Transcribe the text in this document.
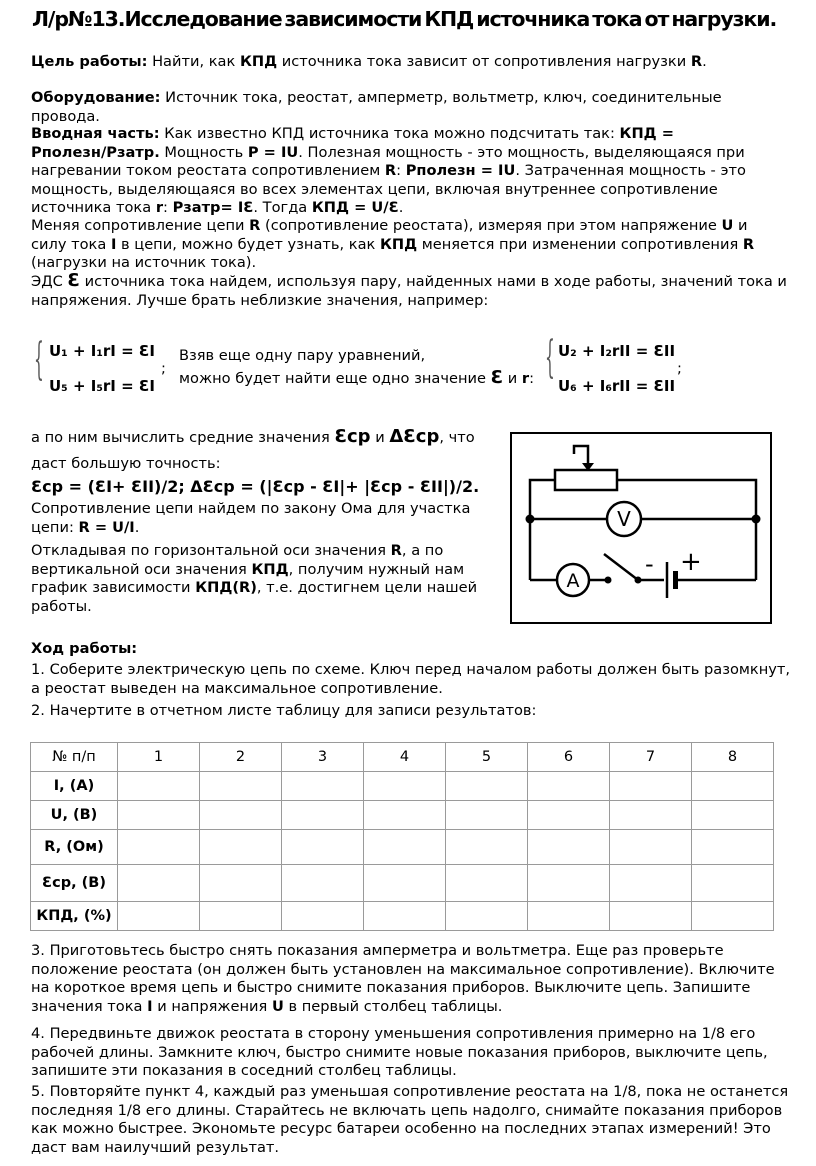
Л/р№13.Исследование зависимости КПД источника тока от нагрузки.
Цель работы: Найти, как КПД источника тока зависит от сопротивления нагрузки R.
Оборудование: Источник тока, реостат, амперметр, вольтметр, ключ, соединительные провода.
Вводная часть: Как известно КПД источника тока можно подсчитать так: КПД = Pполезн/Pзатр. Мощность P = IU. Полезная мощность - это мощность, выделяющаяся при нагревании током реостата сопротивлением R: Pполезн = IU. Затраченная мощность - это мощность, выделяющаяся во всех элементах цепи, включая внутреннее сопротивление источника тока r: Pзатр= IƐ. Тогда КПД = U/Ɛ.
Меняя сопротивление цепи R (сопротивление реостата), измеряя при этом напряжение U и силу тока I в цепи, можно будет узнать, как КПД меняется при изменении сопротивления R (нагрузки на источник тока).
ЭДС Ɛ источника тока найдем, используя пару, найденных нами в ходе работы, значений тока и напряжения. Лучше брать неблизкие значения, например:
{ U₁ + I₁rI = ƐI
U₅ + I₅rI = ƐI
;
Взяв еще одну пару уравнений,
можно будет найти еще одно значение Ɛ и r: { U₂ + I₂rII = ƐII
U₆ + I₆rII = ƐII
;
а по ним вычислить средние значения Ɛср и ΔƐср, что даст большую точность:
Ɛср = (ƐI+ ƐII)/2; ΔƐср = (|Ɛср - ƐI|+ |Ɛср - ƐII|)/2.
Сопротивление цепи найдем по закону Ома для участка цепи: R = U/I.
Откладывая по горизонтальной оси значения R, а по вертикальной оси значения КПД, получим нужный нам график зависимости КПД(R), т.е. достигнем цели нашей работы.
V
A
- +
Ход работы:
1. Соберите электрическую цепь по схеме. Ключ перед началом работы должен быть разомкнут, а реостат выведен на максимальное сопротивление.
2. Начертите в отчетном листе таблицу для записи результатов:
№ п/п	1	2	3	4	5	6	7	8
I, (A)								
U, (B)								
R, (Ом)								
Ɛср, (В)								
КПД, (%)								
3. Приготовьтесь быстро снять показания амперметра и вольтметра. Еще раз проверьте положение реостата (он должен быть установлен на максимальное сопротивление). Включите на короткое время цепь и быстро снимите показания приборов. Выключите цепь. Запишите значения тока I и напряжения U в первый столбец таблицы.
4. Передвиньте движок реостата в сторону уменьшения сопротивления примерно на 1/8 его рабочей длины. Замкните ключ, быстро снимите новые показания приборов, выключите цепь, запишите эти показания в соседний столбец таблицы.
5. Повторяйте пункт 4, каждый раз уменьшая сопротивление реостата на 1/8, пока не останется последняя 1/8 его длины. Старайтесь не включать цепь надолго, снимайте показания приборов как можно быстрее. Экономьте ресурс батареи особенно на последних этапах измерений! Это даст вам наилучший результат.
